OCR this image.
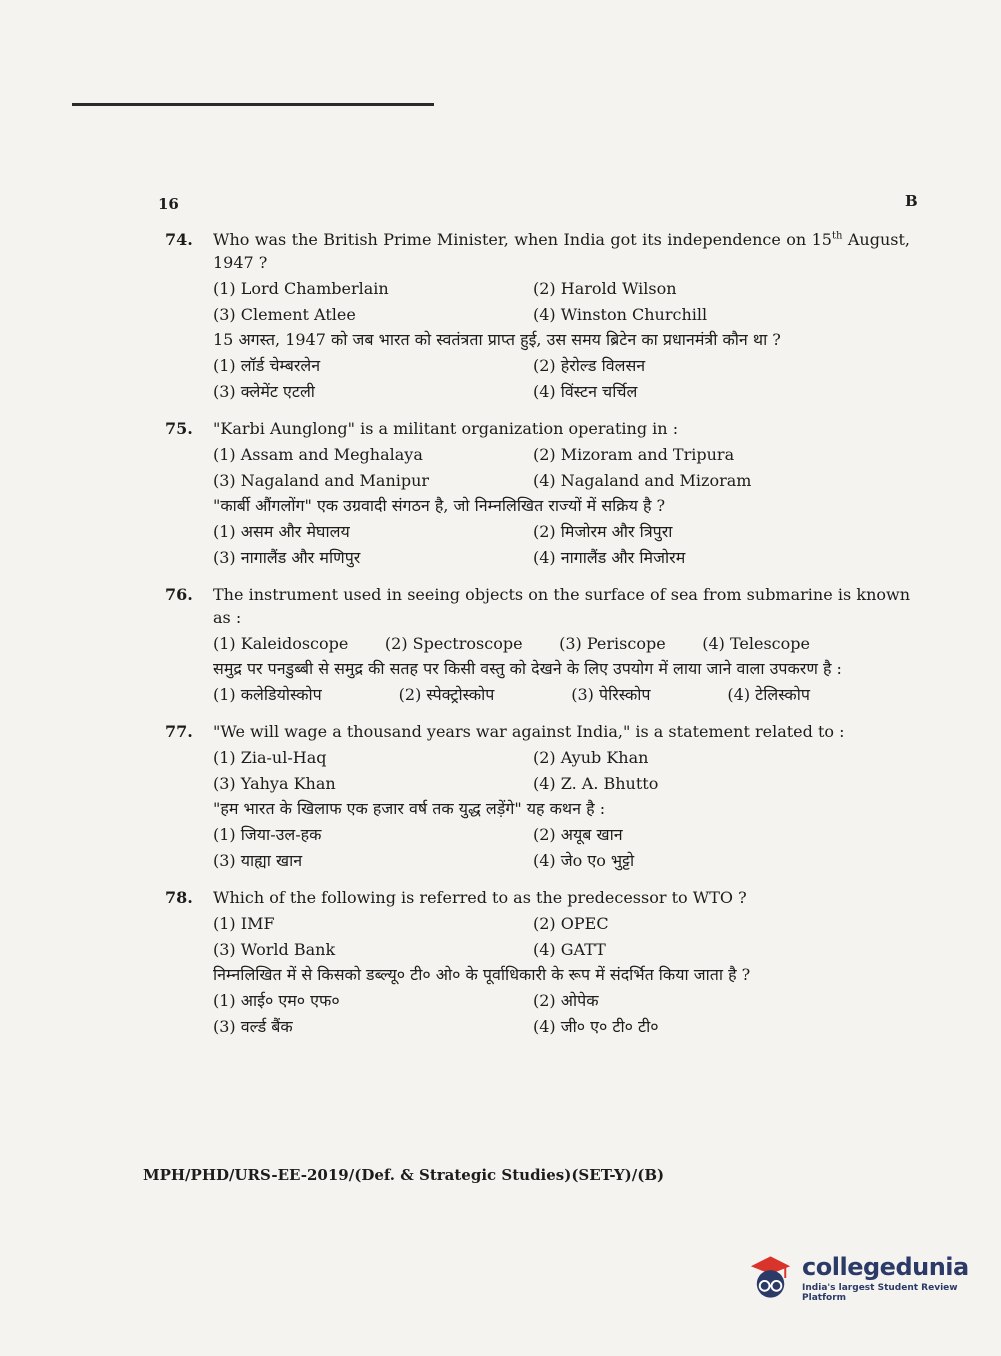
16	B
74.	Who was the British Prime Minister, when India got its independence on 15th August, 1947 ?
(1) Lord Chamberlain	(2) Harold Wilson
(3) Clement Atlee	(4) Winston Churchill
15 अगस्त, 1947 को जब भारत को स्वतंत्रता प्राप्त हुई, उस समय ब्रिटेन का प्रधानमंत्री कौन था ?
(1) लॉर्ड चेम्बरलेन	(2) हेरोल्ड विलसन
(3) क्लेमेंट एटली	(4) विंस्टन चर्चिल
75.	"Karbi Aunglong" is a militant organization operating in :
(1) Assam and Meghalaya	(2) Mizoram and Tripura
(3) Nagaland and Manipur	(4) Nagaland and Mizoram
"कार्बी औंगलोंग" एक उग्रवादी संगठन है, जो निम्नलिखित राज्यों में सक्रिय है ?
(1) असम और मेघालय	(2) मिजोरम और त्रिपुरा
(3) नागालैंड और मणिपुर	(4) नागालैंड और मिजोरम
76.	The instrument used in seeing objects on the surface of sea from submarine is known as :
(1) Kaleidoscope (2) Spectroscope (3) Periscope (4) Telescope
समुद्र पर पनडुब्बी से समुद्र की सतह पर किसी वस्तु को देखने के लिए उपयोग में लाया जाने वाला उपकरण है :
(1) कलेडियोस्कोप	(2) स्पेक्ट्रोस्कोप	(3) पेरिस्कोप	(4) टेलिस्कोप
77.	"We will wage a thousand years war against India," is a statement related to :
(1) Zia-ul-Haq	(2) Ayub Khan
(3) Yahya Khan	(4) Z. A. Bhutto
"हम भारत के खिलाफ एक हजार वर्ष तक युद्ध लड़ेंगे" यह कथन है :
(1) जिया-उल-हक	(2) अयूब खान
(3) याह्या खान	(4) जेo एo भुट्टो
78.	Which of the following is referred to as the predecessor to WTO ?
(1) IMF	(2) OPEC
(3) World Bank	(4) GATT
निम्नलिखित में से किसको डब्ल्यू० टी० ओ० के पूर्वाधिकारी के रूप में संदर्भित किया जाता है ?
(1) आई० एम० एफ०	(2) ओपेक
(3) वर्ल्ड बैंक	(4) जी० ए० टी० टी०
MPH/PHD/URS-EE-2019/(Def. & Strategic Studies)(SET-Y)/(B)
collegedunia
India's largest Student Review Platform
